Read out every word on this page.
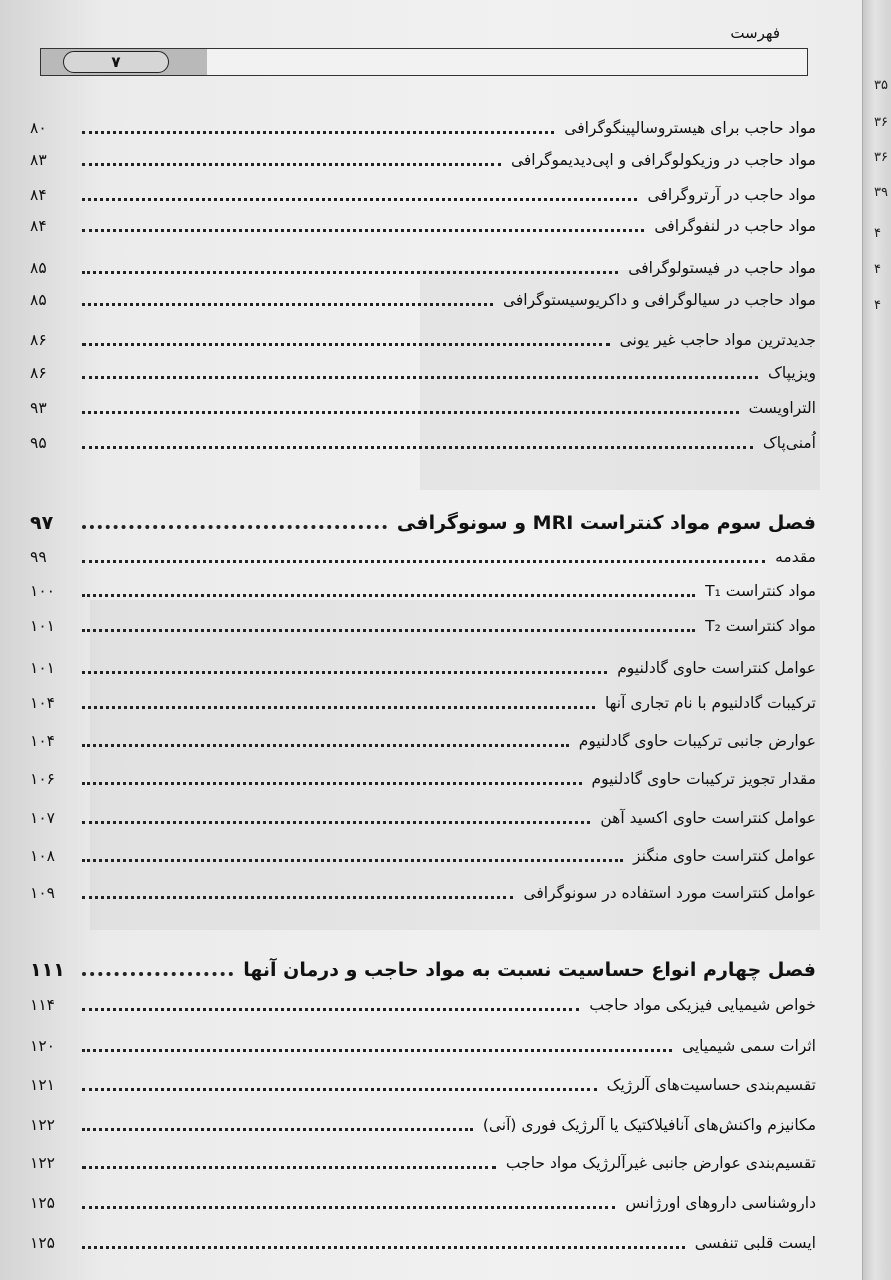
فهرست
۷
مواد حاجب برای هیستروسالپینگوگرافی
۸۰
مواد حاجب در وزیکولوگرافی و اپی‌دیدیموگرافی
۸۳
مواد حاجب در آرتروگرافی
۸۴
مواد حاجب در لنفوگرافی
۸۴
مواد حاجب در فیستولوگرافی
۸۵
مواد حاجب در سیالوگرافی و داکریوسیستوگرافی
۸۵
جدیدترین مواد حاجب غیر یونی
۸۶
ویزیپاک
۸۶
التراویست
۹۳
اُمنی‌پاک
۹۵
فصل سوم مواد کنتراست MRI و سونوگرافی
۹۷
مقدمه
۹۹
مواد کنتراست T₁
۱۰۰
مواد کنتراست T₂
۱۰۱
عوامل کنتراست حاوی گادلنیوم
۱۰۱
ترکیبات گادلنیوم با نام تجاری آنها
۱۰۴
عوارض جانبی ترکیبات حاوی گادلنیوم
۱۰۴
مقدار تجویز ترکیبات حاوی گادلنیوم
۱۰۶
عوامل کنتراست حاوی اکسید آهن
۱۰۷
عوامل کنتراست حاوی منگنز
۱۰۸
عوامل کنتراست مورد استفاده در سونوگرافی
۱۰۹
فصل چهارم انواع حساسیت نسبت به مواد حاجب و درمان آنها
۱۱۱
خواص شیمیایی فیزیکی مواد حاجب
۱۱۴
اثرات سمی شیمیایی
۱۲۰
تقسیم‌بندی حساسیت‌های آلرژیک
۱۲۱
مکانیزم واکنش‌های آنافیلاکتیک یا آلرژیک فوری (آنی)
۱۲۲
تقسیم‌بندی عوارض جانبی غیرآلرژیک مواد حاجب
۱۲۲
داروشناسی داروهای اورژانس
۱۲۵
ایست قلبی تنفسی
۱۲۵
۳۵
۳۶
۳۶
۳۹
۴
۴
۴
